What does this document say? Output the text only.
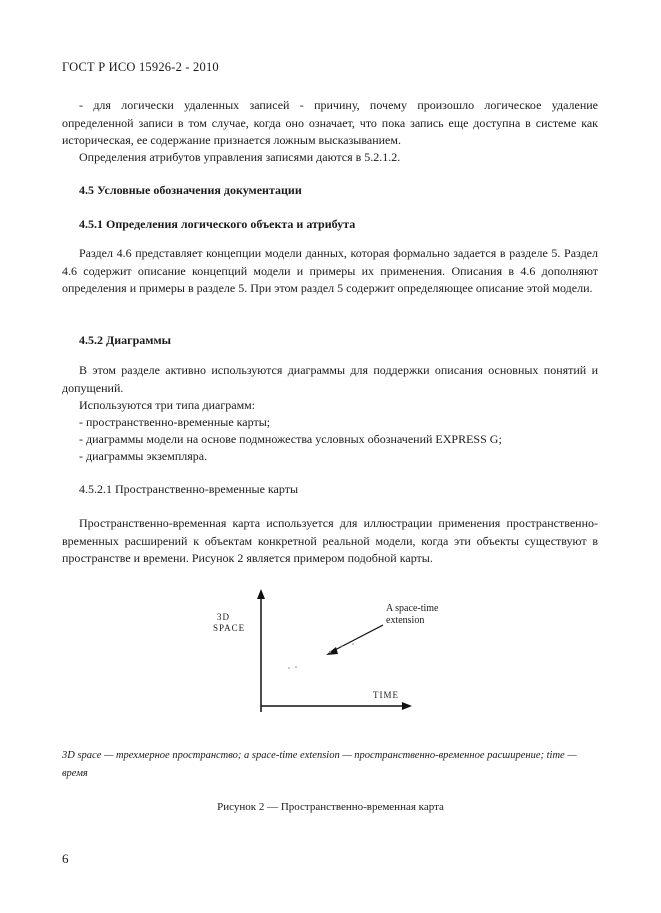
ГОСТ Р ИСО 15926-2 - 2010

- для логически удаленных записей - причину, почему произошло логическое удаление определенной записи в том случае, когда оно означает, что пока запись еще доступна в системе как историческая, ее содержание признается ложным высказыванием.

Определения атрибутов управления записями даются в 5.2.1.2.
4.5 Условные обозначения документации
4.5.1 Определения логического объекта и атрибута

Раздел 4.6 представляет концепции модели данных, которая формально задается в разделе 5. Раздел 4.6 содержит описание концепций модели и примеры их применения. Описания в 4.6 дополняют определения и примеры в разделе 5. При этом раздел 5 содержит определяющее описание этой модели.

4.5.2 Диаграммы

В этом разделе активно используются диаграммы для поддержки описания основных понятий и допущений.

Используются три типа диаграмм:
- пространственно-временные карты;
- диаграммы модели на основе подмножества условных обозначений EXPRESS G;
- диаграммы экземпляра.
4.5.2.1 Пространственно-временные карты

Пространственно-временная карта используется для иллюстрации применения пространственно-временных расширений к объектам конкретной реальной модели, когда эти объекты существуют в пространстве и времени. Рисунок 2 является примером подобной карты.

3D
SPACE
TIME
A space-time
extension

3D space — трехмерное пространство; a space-time extension — пространственно-временное расширение; time — время

Рисунок 2 — Пространственно-временная карта
6
